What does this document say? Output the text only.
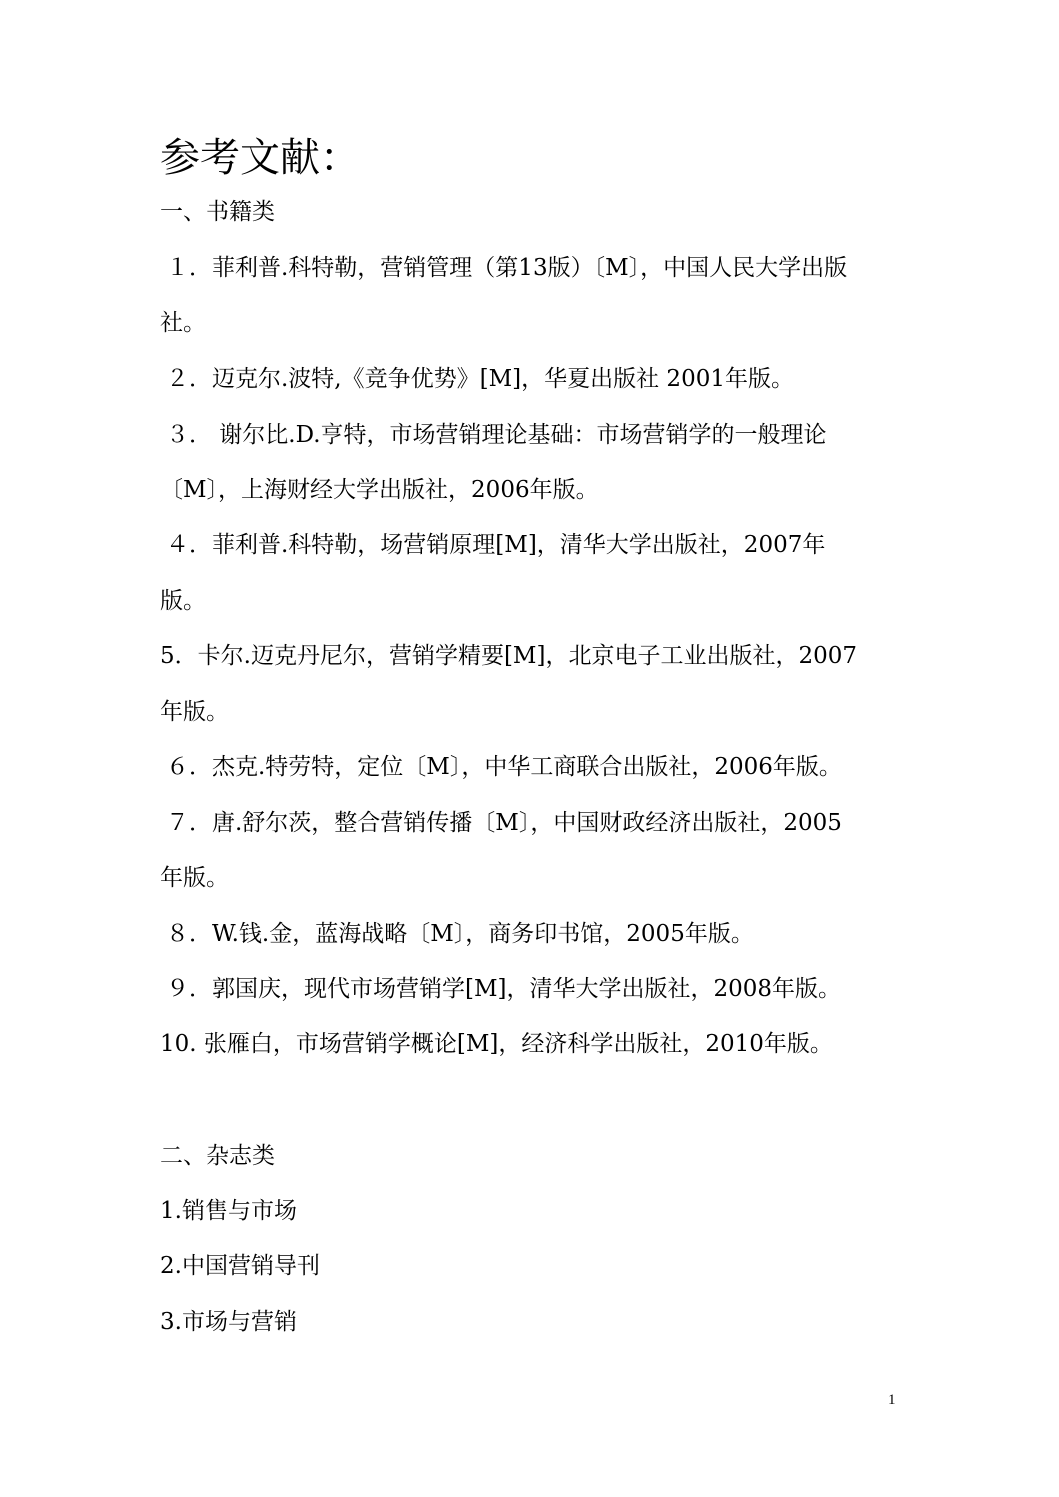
参考文献：
一、书籍类
１．菲利普.科特勒，营销管理（第13版）〔M〕，中国人民大学出版
社。
２．迈克尔.波特,《竞争优势》[M]，华夏出版社 2001年版。
３． 谢尔比.D.亨特，市场营销理论基础：市场营销学的一般理论
〔M〕，上海财经大学出版社，2006年版。
４．菲利普.科特勒，场营销原理[M]，清华大学出版社，2007年
版。
5．卡尔.迈克丹尼尔，营销学精要[M]，北京电子工业出版社，2007
年版。
６．杰克.特劳特，定位〔M〕，中华工商联合出版社，2006年版。
７．唐.舒尔茨，整合营销传播〔M〕，中国财政经济出版社，2005
年版。
８．W.钱.金，蓝海战略〔M〕，商务印书馆，2005年版。
９．郭国庆，现代市场营销学[M]，清华大学出版社，2008年版。
10. 张雁白，市场营销学概论[M]，经济科学出版社，2010年版。
二、杂志类
1.销售与市场
2.中国营销导刊
3.市场与营销
1
